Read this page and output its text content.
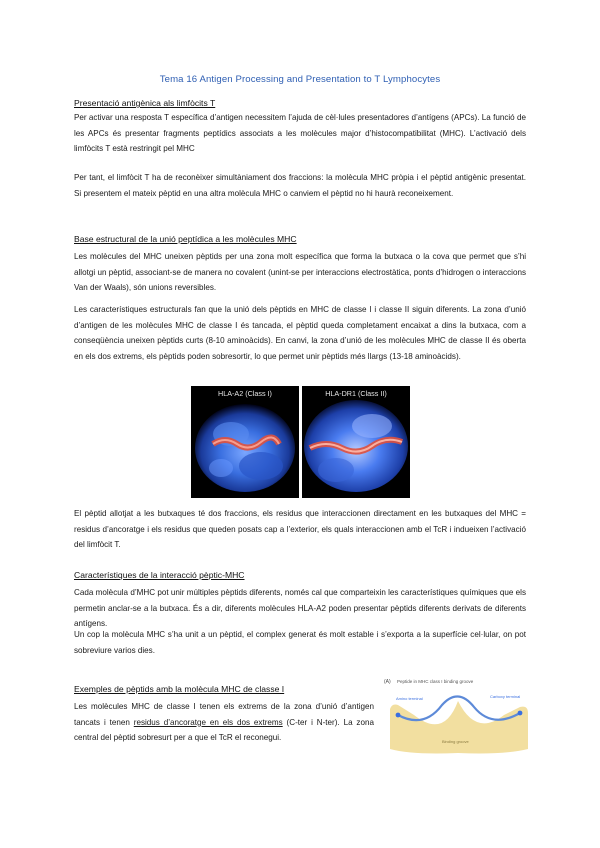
Tema 16 Antigen Processing and Presentation to T Lymphocytes
Presentació antigènica als limfòcits T
Per activar una resposta T específica d’antigen necessitem l’ajuda de cèl·lules presentadores d’antígens (APCs). La funció de les APCs és presentar fragments peptídics associats a les molècules major d’histocompatibilitat (MHC). L’activació dels limfòcits T està restringit pel MHC
Per tant, el limfòcit T ha de reconèixer simultàniament dos fraccions: la molècula MHC pròpia i el pèptid antigènic presentat. Si presentem el mateix pèptid en una altra molècula MHC o canviem el pèptid no hi haurà reconeixement.
Base estructural de la unió peptídica a les molècules MHC
Les molècules del MHC uneixen pèptids per una zona molt específica que forma la butxaca o la cova que permet que s’hi allotgi un pèptid, associant-se de manera no covalent (unint-se per interaccions electrostàtica, ponts d’hidrogen o interaccions Van der Waals), són unions reversibles.
Les característiques estructurals fan que la unió dels pèptids en MHC de classe I i classe II siguin diferents. La zona d’unió d’antigen de les molècules MHC de classe I és tancada, el pèptid queda completament encaixat a dins la butxaca, com a conseqüència uneixen pèptids curts (8-10 aminoàcids). En canvi, la zona d’unió de les molècules MHC de classe II és oberta en els dos extrems, els pèptids poden sobresortir, lo que permet unir pèptids més llargs (13-18 aminoàcids).
HLA-A2 (Class I)	HLA-DR1 (Class II)
El pèptid allotjat a les butxaques té dos fraccions, els residus que interaccionen directament en les butxaques del MHC = residus d’ancoratge i els residus que queden posats cap a l’exterior, els quals interaccionen amb el TcR i indueixen l’activació del limfòcit T.
Característiques de la interacció pèptic-MHC
Cada molècula d’MHC pot unir múltiples pèptids diferents, només cal que comparteixin les característiques químiques que els permetin anclar-se a la butxaca. És a dir, diferents molècules HLA-A2 poden presentar pèptids diferents derivats de diferents antígens.
Un cop la molècula MHC s’ha unit a un pèptid, el complex generat és molt estable i s’exporta a la superfície cel·lular, on pot sobreviure varios dies.
Exemples de pèptids amb la molècula MHC de classe I
Les molècules MHC de classe I tenen els extrems de la zona d’unió d’antigen tancats i tenen residus d’ancoratge en els dos extrems (C-ter i N-ter). La zona central del pèptid sobresurt per a que el TcR el reconegui.
(A) Peptide in MHC class I binding groove
Amino terminal	Carboxy terminal
Binding groove
